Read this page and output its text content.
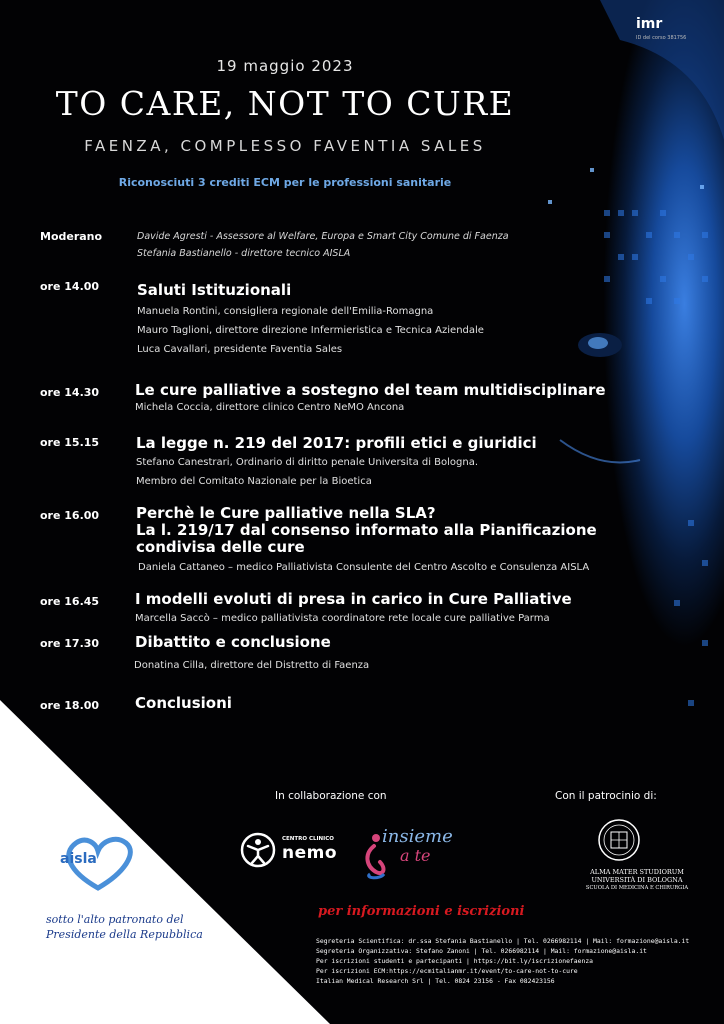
imr
ID del corso 381756
19 maggio 2023
TO CARE, NOT TO CURE
FAENZA, COMPLESSO FAVENTIA SALES
Riconosciuti 3 crediti ECM per le professioni sanitarie
Moderano	Davide Agresti - Assessore al Welfare, Europa e Smart City Comune di Faenza
Stefania Bastianello - direttore tecnico AISLA
ore 14.00	Saluti Istituzionali
Manuela Rontini, consigliera regionale dell'Emilia-Romagna
Mauro Taglioni, direttore direzione Infermieristica e Tecnica Aziendale
Luca Cavallari, presidente Faventia Sales
ore 14.30 Le cure palliative a sostegno del team multidisciplinare
Michela Coccia, direttore clinico Centro NeMO Ancona
ore 15.15 La legge n. 219 del 2017: profili etici e giuridici
Stefano Canestrari, Ordinario di diritto penale Universita di Bologna.
Membro del Comitato Nazionale per la Bioetica
ore 16.00 Perchè le Cure palliative nella SLA?
La l. 219/17 dal consenso informato alla Pianificazione
condivisa delle cure
Daniela Cattaneo – medico Palliativista Consulente del Centro Ascolto e Consulenza AISLA
ore 16.45 I modelli evoluti di presa in carico in Cure Palliative
Marcella Saccò – medico palliativista coordinatore rete locale cure palliative Parma
ore 17.30 Dibattito e conclusione
Donatina Cilla, direttore del Distretto di Faenza
ore 18.00 Conclusioni
In collaborazione con	Con il patrocinio di:
aisla
sotto l'alto patronato del
Presidente della Repubblica
CENTRO CLINICO
nemo
insieme
a te
ALMA MATER STUDIORUM
UNIVERSITÀ DI BOLOGNA
SCUOLA DI MEDICINA E CHIRURGIA
per informazioni e iscrizioni
Segreteria Scientifica: dr.ssa Stefania Bastianello | Tel. 0266982114 | Mail: formazione@aisla.it
Segreteria Organizzativa: Stefano Zanoni | Tel. 0266982114 | Mail: formazione@aisla.it
Per iscrizioni studenti e partecipanti | https://bit.ly/iscrizionefaenza
Per iscrizioni ECM:https://ecmitalianmr.it/event/to-care-not-to-cure
Italian Medical Research Srl | Tel. 0824 23156 - Fax 082423156
